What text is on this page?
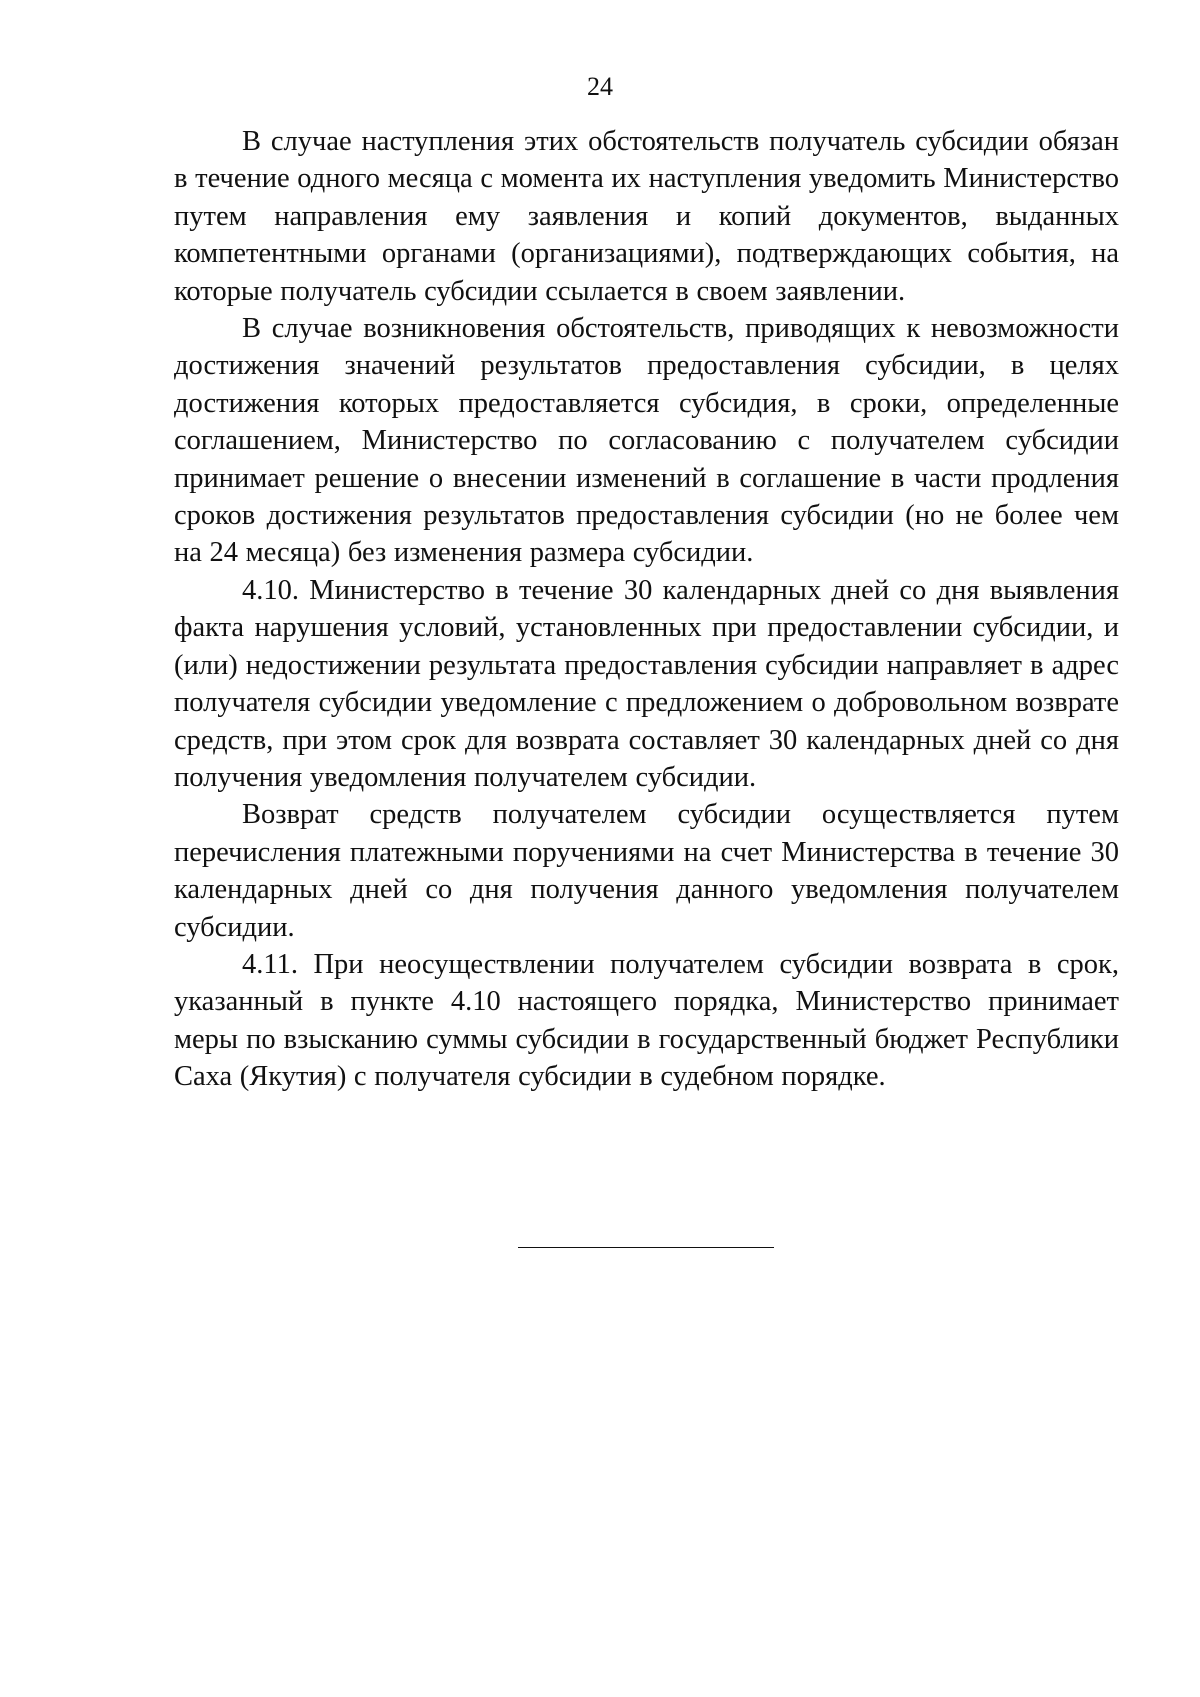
24

В случае наступления этих обстоятельств получатель субсидии обязан в течение одного месяца с момента их наступления уведомить Министерство путем направления ему заявления и копий документов, выданных компетентными органами (организациями), подтверждающих события, на которые получатель субсидии ссылается в своем заявлении.

В случае возникновения обстоятельств, приводящих к невозможности достижения значений результатов предоставления субсидии, в целях достижения которых предоставляется субсидия, в сроки, определенные соглашением, Министерство по согласованию с получателем субсидии принимает решение о внесении изменений в соглашение в части продления сроков достижения результатов предоставления субсидии (но не более чем на 24 месяца) без изменения размера субсидии.

4.10. Министерство в течение 30 календарных дней со дня выявления факта нарушения условий, установленных при предоставлении субсидии, и (или) недостижении результата предоставления субсидии направляет в адрес получателя субсидии уведомление с предложением о добровольном возврате средств, при этом срок для возврата составляет 30 календарных дней со дня получения уведомления получателем субсидии.

Возврат средств получателем субсидии осуществляется путем перечисления платежными поручениями на счет Министерства в течение 30 календарных дней со дня получения данного уведомления получателем субсидии.

4.11. При неосуществлении получателем субсидии возврата в срок, указанный в пункте 4.10 настоящего порядка, Министерство принимает меры по взысканию суммы субсидии в государственный бюджет Республики Саха (Якутия) с получателя субсидии в судебном порядке.
